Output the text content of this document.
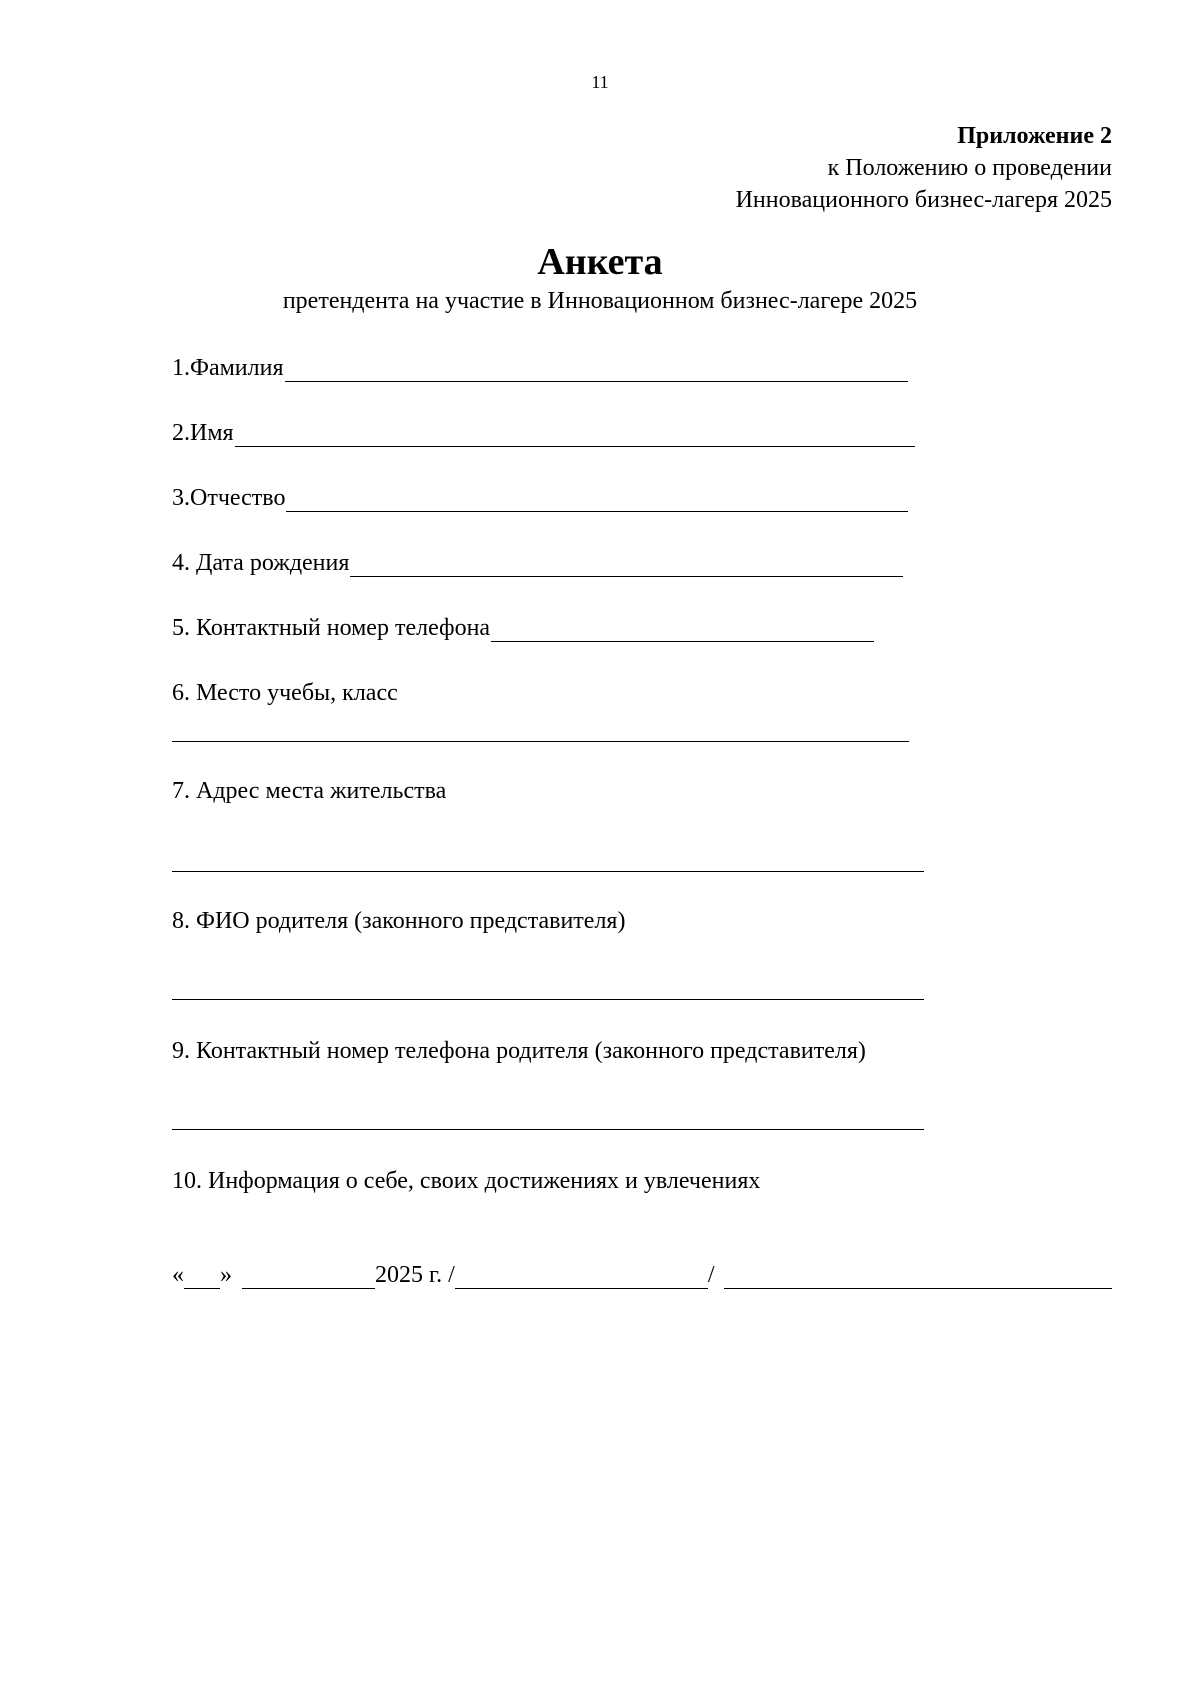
11
Приложение 2
к Положению о проведении
Инновационного бизнес-лагеря 2025
Анкета
претендента на участие в Инновационном бизнес-лагере 2025
1.Фамилия
2.Имя
3.Отчество
4. Дата рождения
5. Контактный номер телефона
6. Место учебы, класс
7. Адрес места жительства
8. ФИО родителя (законного представителя)
9. Контактный номер телефона родителя (законного представителя)
10. Информация о себе, своих достижениях и увлечениях
« »	2025 г. /	/
